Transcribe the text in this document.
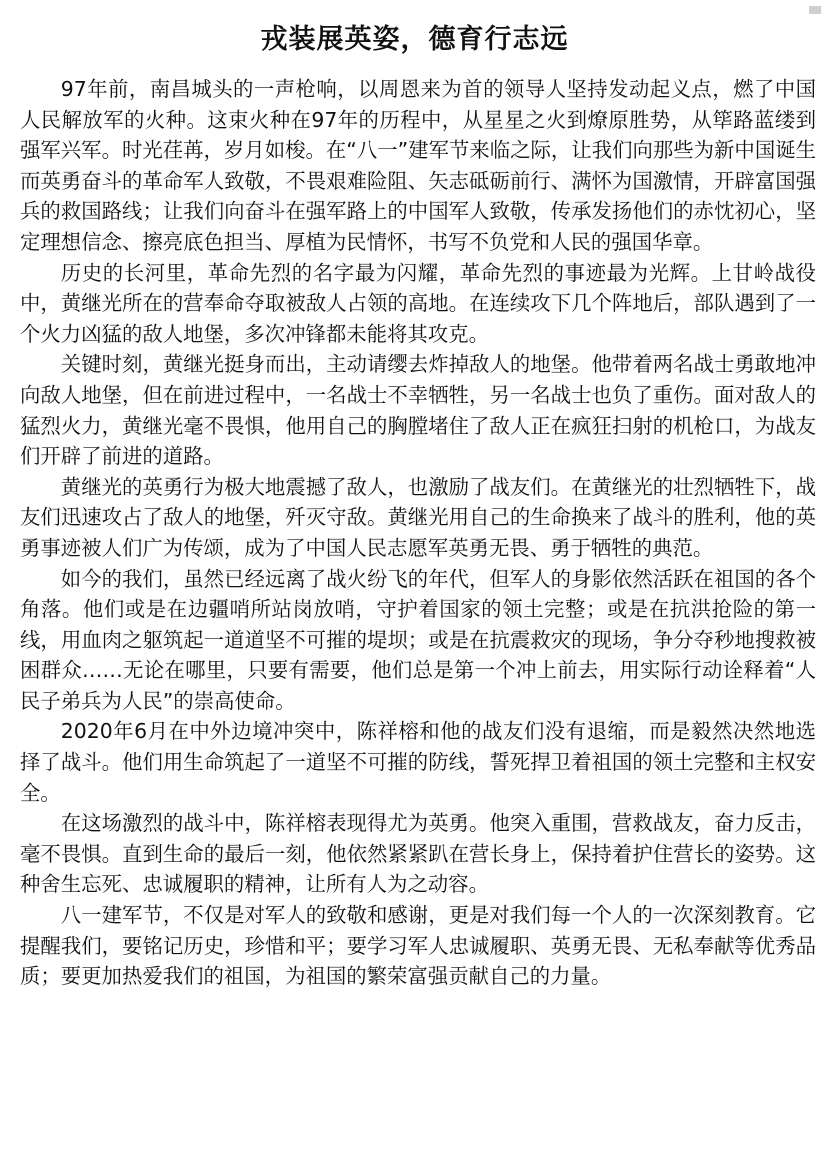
戎装展英姿，德育行志远

97年前，南昌城头的一声枪响，以周恩来为首的领导人坚持发动起义点，燃了中国人民解放军的火种。这束火种在97年的历程中，从星星之火到燎原胜势，从筚路蓝缕到强军兴军。时光荏苒，岁月如梭。在“八一”建军节来临之际，让我们向那些为新中国诞生而英勇奋斗的革命军人致敬，不畏艰难险阻、矢志砥砺前行、满怀为国激情，开辟富国强兵的救国路线；让我们向奋斗在强军路上的中国军人致敬，传承发扬他们的赤忱初心，坚定理想信念、擦亮底色担当、厚植为民情怀，书写不负党和人民的强国华章。

历史的长河里，革命先烈的名字最为闪耀，革命先烈的事迹最为光辉。上甘岭战役中，黄继光所在的营奉命夺取被敌人占领的高地。在连续攻下几个阵地后，部队遇到了一个火力凶猛的敌人地堡，多次冲锋都未能将其攻克。

关键时刻，黄继光挺身而出，主动请缨去炸掉敌人的地堡。他带着两名战士勇敢地冲向敌人地堡，但在前进过程中，一名战士不幸牺牲，另一名战士也负了重伤。面对敌人的猛烈火力，黄继光毫不畏惧，他用自己的胸膛堵住了敌人正在疯狂扫射的机枪口，为战友们开辟了前进的道路。

黄继光的英勇行为极大地震撼了敌人，也激励了战友们。在黄继光的壮烈牺牲下，战友们迅速攻占了敌人的地堡，歼灭守敌。黄继光用自己的生命换来了战斗的胜利，他的英勇事迹被人们广为传颂，成为了中国人民志愿军英勇无畏、勇于牺牲的典范。

如今的我们，虽然已经远离了战火纷飞的年代，但军人的身影依然活跃在祖国的各个角落。他们或是在边疆哨所站岗放哨，守护着国家的领土完整；或是在抗洪抢险的第一线，用血肉之躯筑起一道道坚不可摧的堤坝；或是在抗震救灾的现场，争分夺秒地搜救被困群众……无论在哪里，只要有需要，他们总是第一个冲上前去，用实际行动诠释着“人民子弟兵为人民”的崇高使命。

2020年6月在中外边境冲突中，陈祥榕和他的战友们没有退缩，而是毅然决然地选择了战斗。他们用生命筑起了一道坚不可摧的防线，誓死捍卫着祖国的领土完整和主权安全。

在这场激烈的战斗中，陈祥榕表现得尤为英勇。他突入重围，营救战友，奋力反击，毫不畏惧。直到生命的最后一刻，他依然紧紧趴在营长身上，保持着护住营长的姿势。这种舍生忘死、忠诚履职的精神，让所有人为之动容。

八一建军节，不仅是对军人的致敬和感谢，更是对我们每一个人的一次深刻教育。它提醒我们，要铭记历史，珍惜和平；要学习军人忠诚履职、英勇无畏、无私奉献等优秀品质；要更加热爱我们的祖国，为祖国的繁荣富强贡献自己的力量。
